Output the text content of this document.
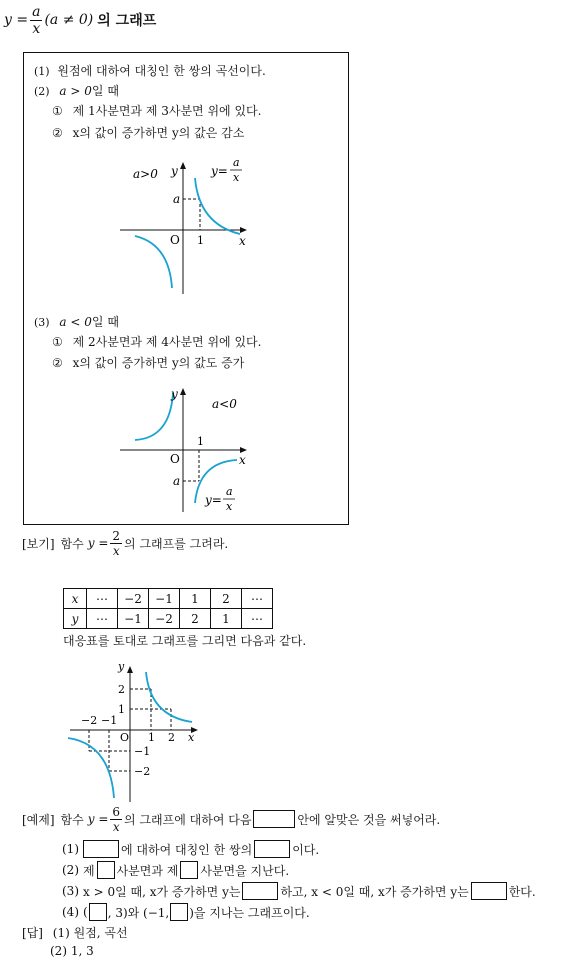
$y = \frac{a}{x} (a \ne 0)$ 의 그래프
(1) 원점에 대하여 대칭인 한 쌍의 곡선이다.
(2) a > 0일 때
① 제 1사분면과 제 3사분면 위에 있다.
② x의 값이 증가하면 y의 값은 감소
a>0 y
x
O
a
1
y=
a
x
(3) a < 0일 때
① 제 2사분면과 제 4사분면 위에 있다.
② x의 값이 증가하면 y의 값도 증가
y
a<0
x
O
1
a
y=
a
x
[보기] 함수 $y = \frac{2}{x}$ 의 그래프를 그려라.
x	⋯	−2	−1	1	2	⋯
y	⋯	−1	−2	2	1	⋯
대응표를 토대로 그래프를 그리면 다음과 같다.
y
x
O
2
1
−1
−2
−2 −1
1 2
[예제] 함수 $y = \frac{6}{x}$ 의 그래프에 대하여 다음	안에 알맞은 것을 써넣어라.
(1)	에 대하여 대칭인 한 쌍의	이다.
(2) 제 사분면과 제 사분면을 지난다.
(3) x > 0일 때, x가 증가하면 y는	하고, x < 0일 때, x가 증가하면 y는	한다.
(4) ( , 3)와 (−1, )을 지나는 그래프이다.
[답] (1) 원점, 곡선
(2) 1, 3
